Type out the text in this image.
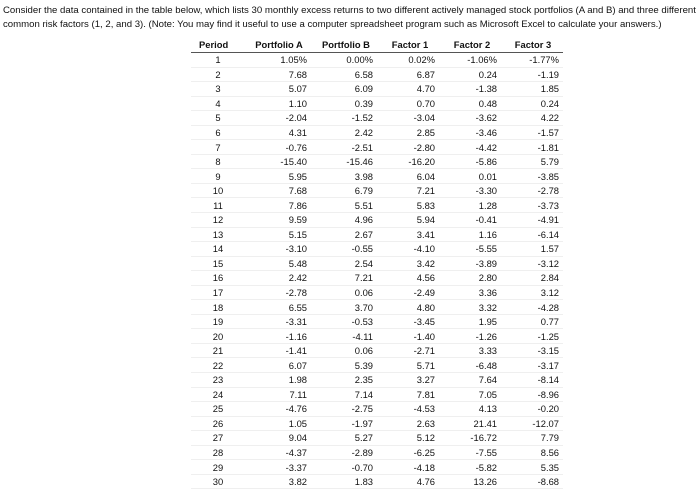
Consider the data contained in the table below, which lists 30 monthly excess returns to two different actively managed stock portfolios (A and B) and three different common risk factors (1, 2, and 3). (Note: You may find it useful to use a computer spreadsheet program such as Microsoft Excel to calculate your answers.)

Period	Portfolio A	Portfolio B	Factor 1	Factor 2	Factor 3
1	1.05%	0.00%	0.02%	-1.06%	-1.77%
2	7.68	6.58	6.87	0.24	-1.19
3	5.07	6.09	4.70	-1.38	1.85
4	1.10	0.39	0.70	0.48	0.24
5	-2.04	-1.52	-3.04	-3.62	4.22
6	4.31	2.42	2.85	-3.46	-1.57
7	-0.76	-2.51	-2.80	-4.42	-1.81
8	-15.40	-15.46	-16.20	-5.86	5.79
9	5.95	3.98	6.04	0.01	-3.85
10	7.68	6.79	7.21	-3.30	-2.78
11	7.86	5.51	5.83	1.28	-3.73
12	9.59	4.96	5.94	-0.41	-4.91
13	5.15	2.67	3.41	1.16	-6.14
14	-3.10	-0.55	-4.10	-5.55	1.57
15	5.48	2.54	3.42	-3.89	-3.12
16	2.42	7.21	4.56	2.80	2.84
17	-2.78	0.06	-2.49	3.36	3.12
18	6.55	3.70	4.80	3.32	-4.28
19	-3.31	-0.53	-3.45	1.95	0.77
20	-1.16	-4.11	-1.40	-1.26	-1.25
21	-1.41	0.06	-2.71	3.33	-3.15
22	6.07	5.39	5.71	-6.48	-3.17
23	1.98	2.35	3.27	7.64	-8.14
24	7.11	7.14	7.81	7.05	-8.96
25	-4.76	-2.75	-4.53	4.13	-0.20
26	1.05	-1.97	2.63	21.41	-12.07
27	9.04	5.27	5.12	-16.72	7.79
28	-4.37	-2.89	-6.25	-7.55	8.56
29	-3.37	-0.70	-4.18	-5.82	5.35
30	3.82	1.83	4.76	13.26	-8.68
